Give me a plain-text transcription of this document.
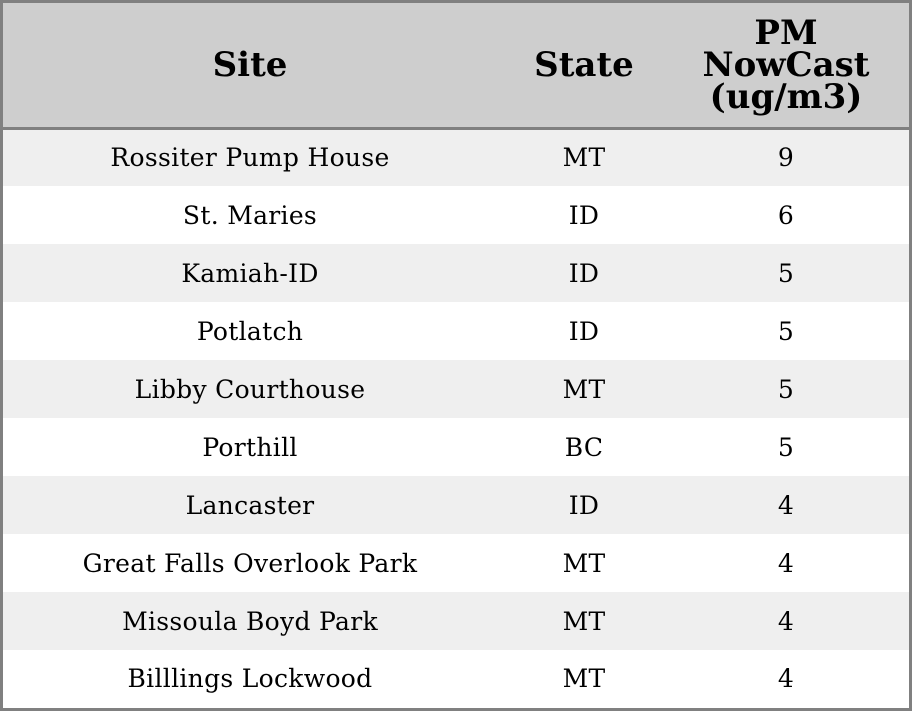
Site	State	PM
NowCast
(ug/m3)
Rossiter Pump House	MT	9
St. Maries	ID	6
Kamiah-ID	ID	5
Potlatch	ID	5
Libby Courthouse	MT	5
Porthill	BC	5
Lancaster	ID	4
Great Falls Overlook Park	MT	4
Missoula Boyd Park	MT	4
Billlings Lockwood	MT	4
